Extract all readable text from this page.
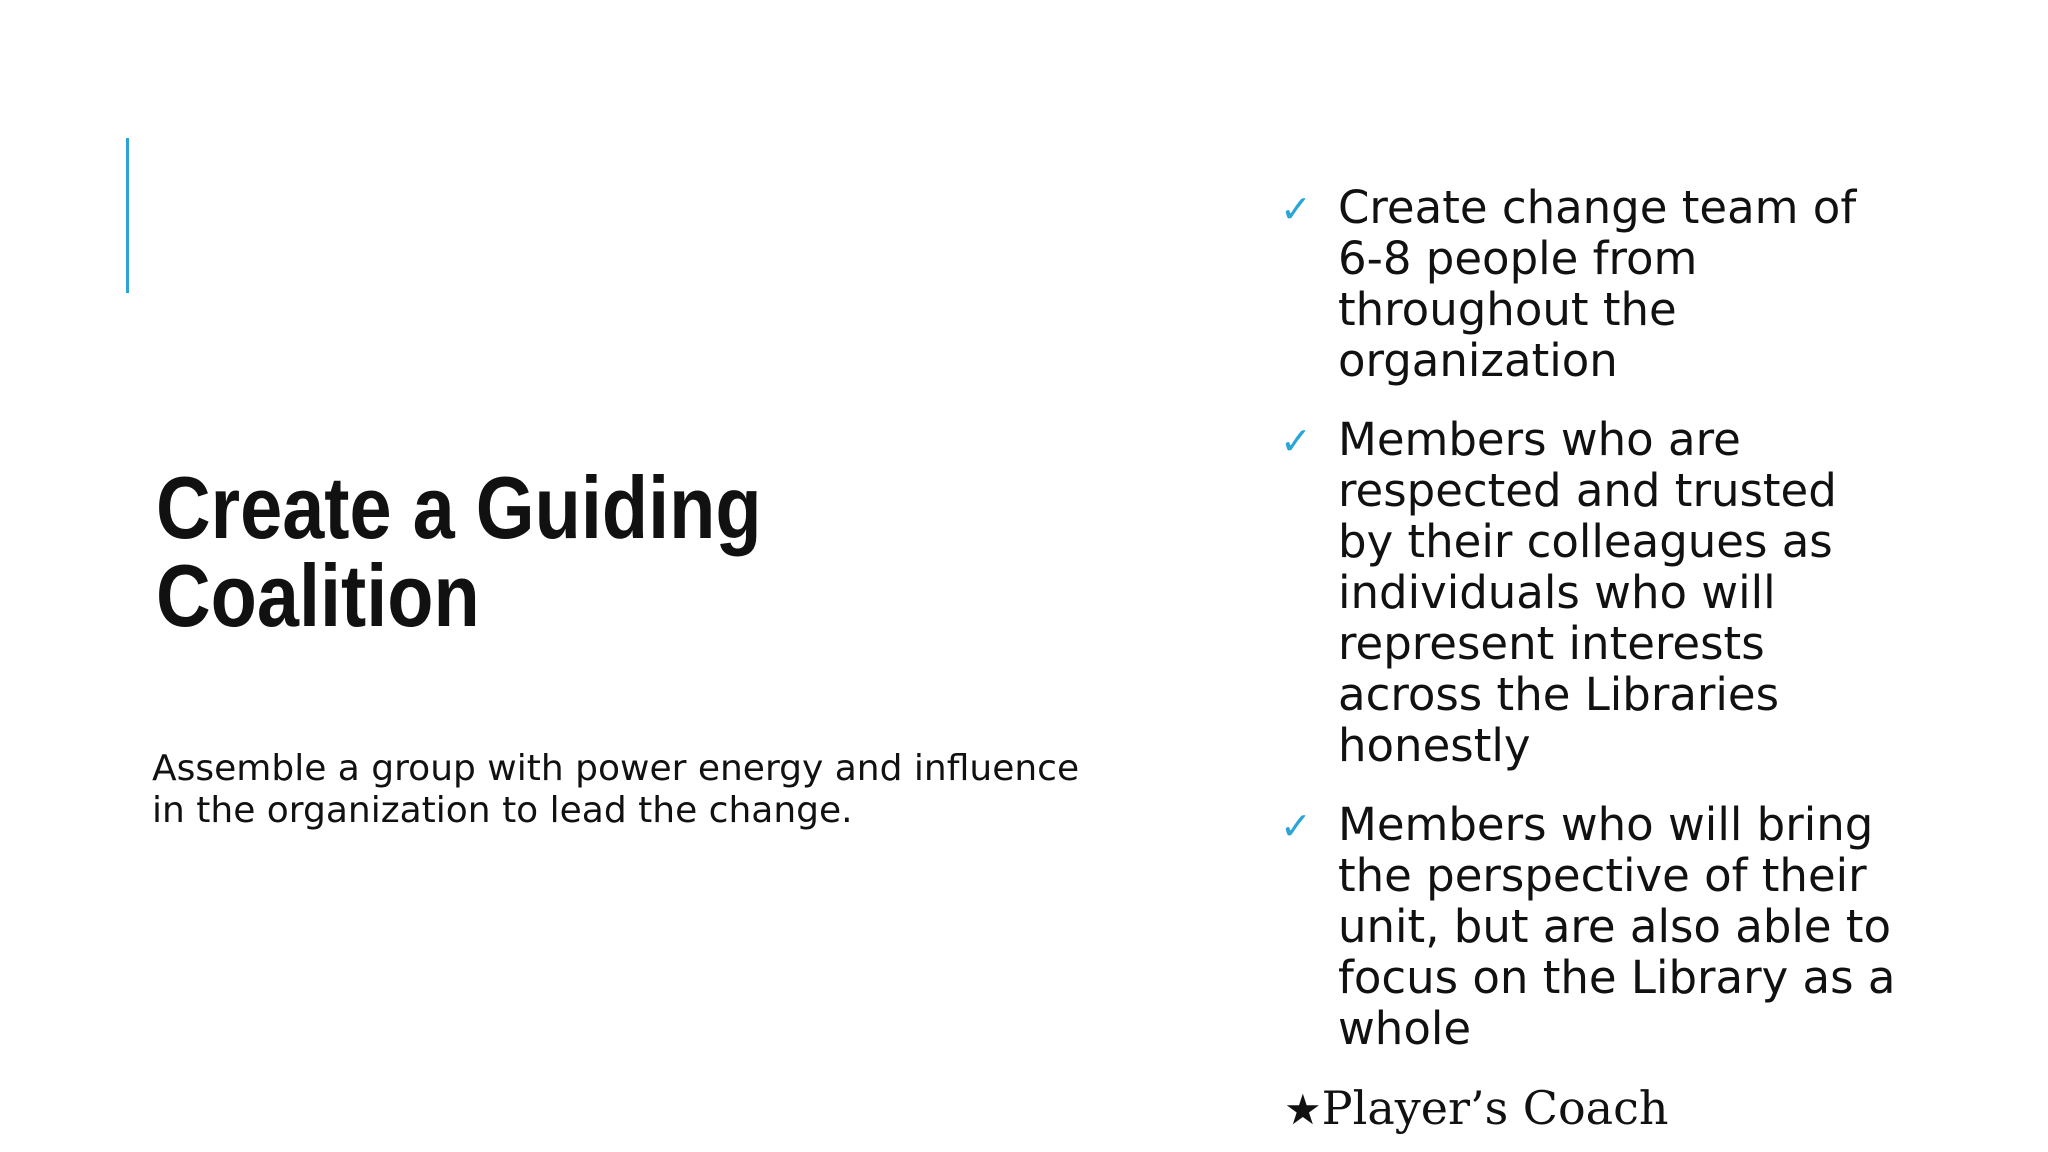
Create a Guiding
Coalition
Assemble a group with power energy and influence
in the organization to lead the change.
✓ Create change team of
6-8 people from
throughout the
organization
✓ Members who are
respected and trusted
by their colleagues as
individuals who will
represent interests
across the Libraries
honestly
✓ Members who will bring
the perspective of their
unit, but are also able to
focus on the Library as a
whole
★Player’s Coach
